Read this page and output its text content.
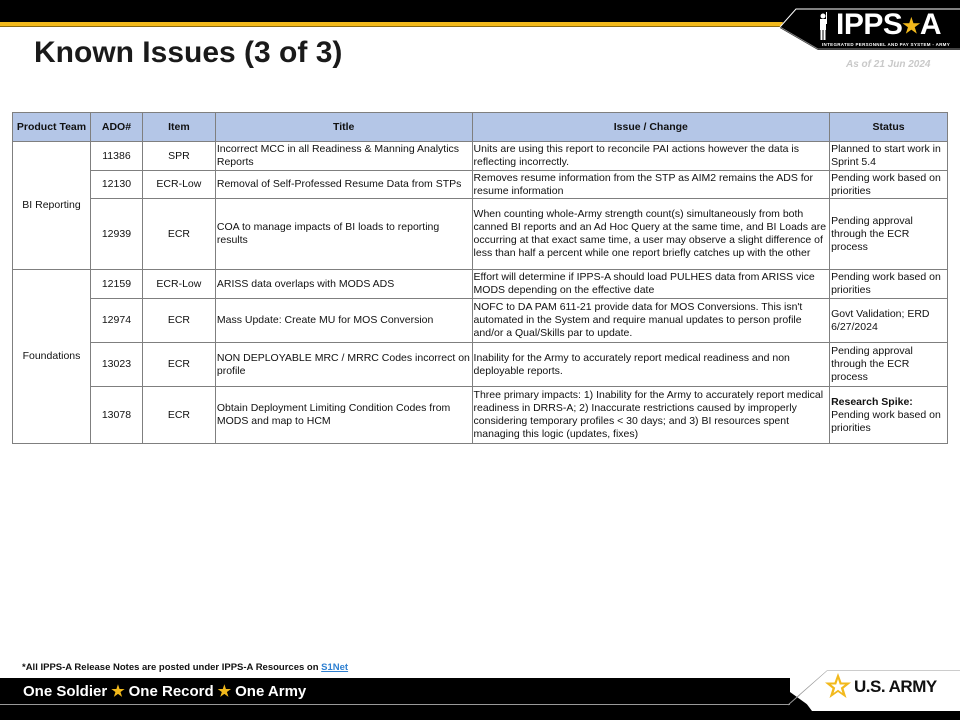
IPPS★A
INTEGRATED PERSONNEL AND PAY SYSTEM - ARMY
Known Issues (3 of 3)	As of 21 Jun 2024
Product Team	ADO#	Item	Title	Issue / Change	Status
BI Reporting	11386	SPR	Incorrect MCC in all Readiness & Manning Analytics Reports	Units are using this report to reconcile PAI actions however the data is reflecting incorrectly.	Planned to start work in Sprint 5.4
	12130	ECR-Low	Removal of Self-Professed Resume Data from STPs	Removes resume information from the STP as AIM2 remains the ADS for resume information	Pending work based on priorities
	12939	ECR	COA to manage impacts of BI loads to reporting results	When counting whole-Army strength count(s) simultaneously from both canned BI reports and an Ad Hoc Query at the same time, and BI Loads are occurring at that exact same time, a user may observe a slight difference of less than half a percent while one report briefly catches up with the other	Pending approval through the ECR process
Foundations	12159	ECR-Low	ARISS data overlaps with MODS ADS	Effort will determine if IPPS-A should load PULHES data from ARISS vice MODS depending on the effective date	Pending work based on priorities
	12974	ECR	Mass Update: Create MU for MOS Conversion	NOFC to DA PAM 611-21 provide data for MOS Conversions. This isn't automated in the System and require manual updates to person profile and/or a Qual/Skills par to update.	Govt Validation; ERD 6/27/2024
	13023	ECR	NON DEPLOYABLE MRC / MRRC Codes incorrect on profile	Inability for the Army to accurately report medical readiness and non deployable reports.	Pending approval through the ECR process
	13078	ECR	Obtain Deployment Limiting Condition Codes from MODS and map to HCM	Three primary impacts: 1) Inability for the Army to accurately report medical readiness in DRRS-A; 2) Inaccurate restrictions caused by improperly considering temporary profiles < 30 days; and 3) BI resources spent managing this logic (updates, fixes)	Research Spike:
Pending work based on priorities
*All IPPS-A Release Notes are posted under IPPS-A Resources on S1Net
U.S. ARMY
One Soldier ★ One Record ★ One Army
